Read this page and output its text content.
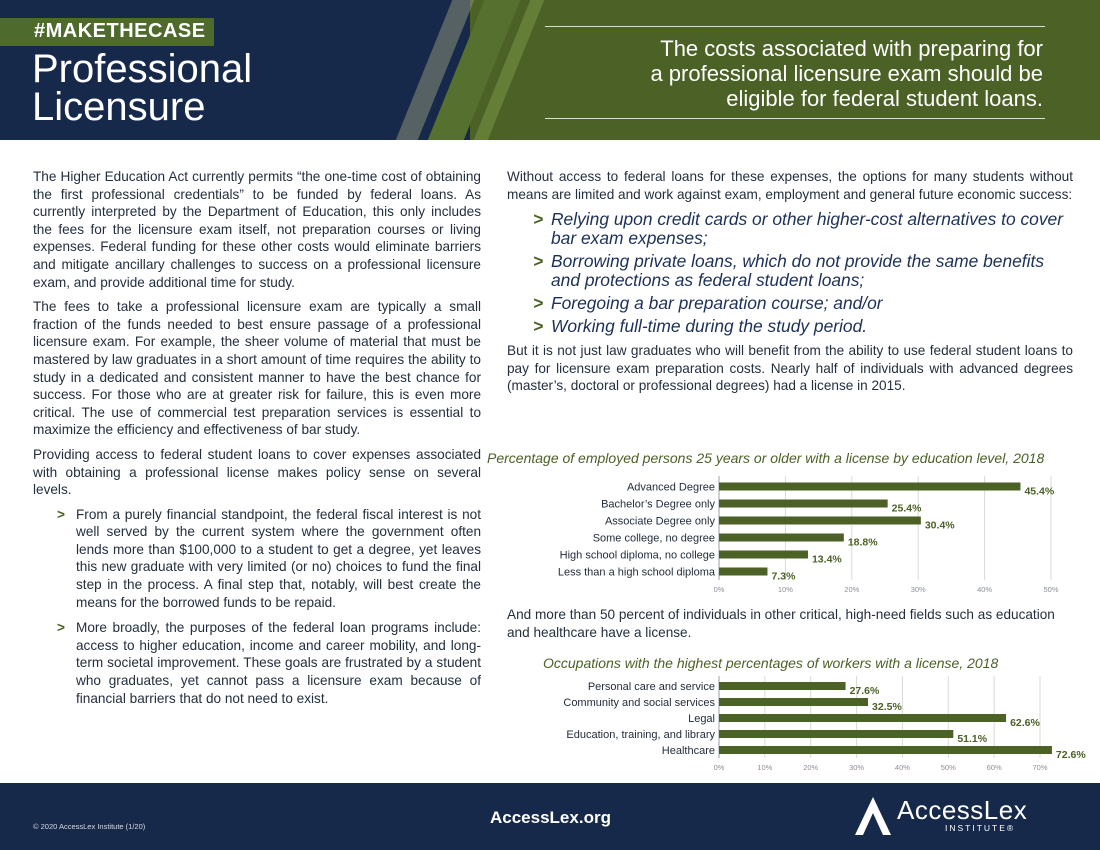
#MAKETHECASE
Professional
Licensure
The costs associated with preparing for
a professional licensure exam should be
eligible for federal student loans.

The Higher Education Act currently permits “the one-time cost of obtaining the first professional credentials” to be funded by federal loans. As currently interpreted by the Department of Education, this only includes the fees for the licensure exam itself, not preparation courses or living expenses. Federal funding for these other costs would eliminate barriers and mitigate ancillary challenges to success on a professional licensure exam, and provide additional time for study.

The fees to take a professional licensure exam are typically a small fraction of the funds needed to best ensure passage of a professional licensure exam. For example, the sheer volume of material that must be mastered by law graduates in a short amount of time requires the ability to study in a dedicated and consistent manner to have the best chance for success. For those who are at greater risk for failure, this is even more critical. The use of commercial test preparation services is essential to maximize the efficiency and effectiveness of bar study.

Providing access to federal student loans to cover expenses associated with obtaining a professional license makes policy sense on several levels.

> From a purely financial standpoint, the federal fiscal interest is not well served by the current system where the government often lends more than $100,000 to a student to get a degree, yet leaves this new graduate with very limited (or no) choices to fund the final step in the process. A final step that, notably, will best create the means for the borrowed funds to be repaid.
> More broadly, the purposes of the federal loan programs include: access to higher education, income and career mobility, and long-term societal improvement. These goals are frustrated by a student who graduates, yet cannot pass a licensure exam because of financial barriers that do not need to exist.

Without access to federal loans for these expenses, the options for many students without means are limited and work against exam, employment and general future economic success:

> Relying upon credit cards or other higher-cost alternatives to cover bar exam expenses;
> Borrowing private loans, which do not provide the same benefits and protections as federal student loans;
> Foregoing a bar preparation course; and/or
> Working full-time during the study period.

But it is not just law graduates who will benefit from the ability to use federal student loans to pay for licensure exam preparation costs. Nearly half of individuals with advanced degrees (master’s, doctoral or professional degrees) had a license in 2015.

Percentage of employed persons 25 years or older with a license by education level, 2018
0%	10%	20%	30%	40%	50%
Advanced Degree	45.4%
Bachelor’s Degree only	25.4%
Associate Degree only	30.4%
Some college, no degree	18.8%
High school diploma, no college	13.4%
Less than a high school diploma	7.3%
And more than 50 percent of individuals in other critical, high-need fields such as education and healthcare have a license.
Occupations with the highest percentages of workers with a license, 2018
0%	10%	20%	30%	40%	50%	60%	70%
Personal care and service	27.6%
Community and social services	32.5%
Legal	62.6%
Education, training, and library	51.1%
Healthcare	72.6%
© 2020 AccessLex Institute (1/20)	AccessLex.org	AccessLex
INSTITUTE®
